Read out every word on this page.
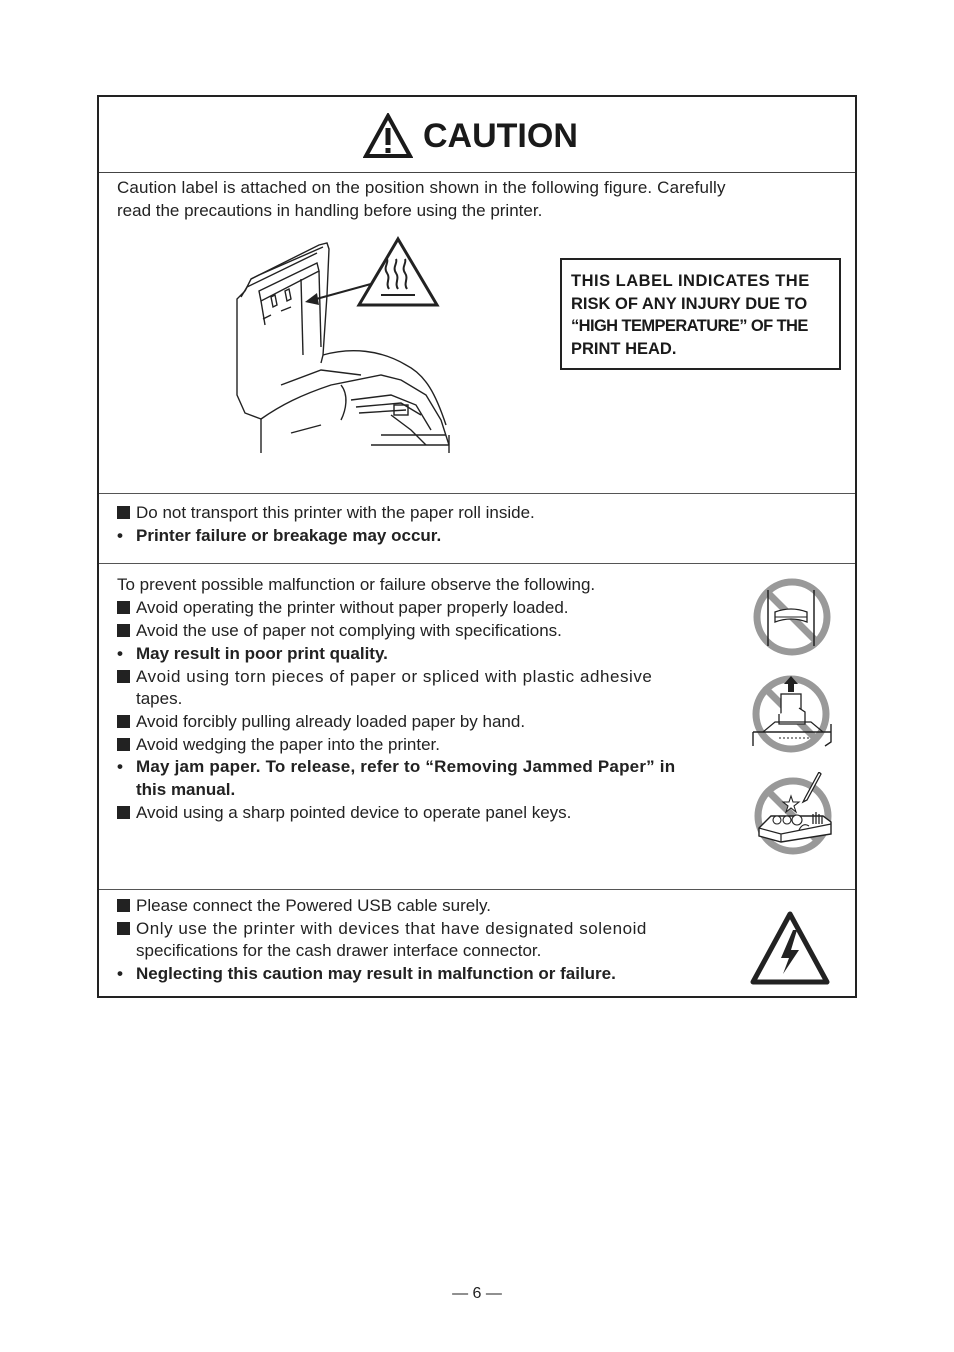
CAUTION
Caution label is attached on the position shown in the following figure. Carefully
read the precautions in handling before using the printer.
THIS LABEL INDICATES THE
RISK OF ANY INJURY DUE TO
“HIGH TEMPERATURE” OF THE
PRINT HEAD.
Do not transport this printer with the paper roll inside.
• Printer failure or breakage may occur.
To prevent possible malfunction or failure observe the following.
Avoid operating the printer without paper properly loaded.
Avoid the use of paper not complying with specifications.
• May result in poor print quality.
Avoid using torn pieces of paper or spliced with plastic adhesive
tapes.
Avoid forcibly pulling already loaded paper by hand.
Avoid wedging the paper into the printer.
• May jam paper. To release, refer to “Removing Jammed Paper” in
this manual.
Avoid using a sharp pointed device to operate panel keys.
Please connect the Powered USB cable surely.
Only use the printer with devices that have designated solenoid
specifications for the cash drawer interface connector.
• Neglecting this caution may result in malfunction or failure.
— 6 —
